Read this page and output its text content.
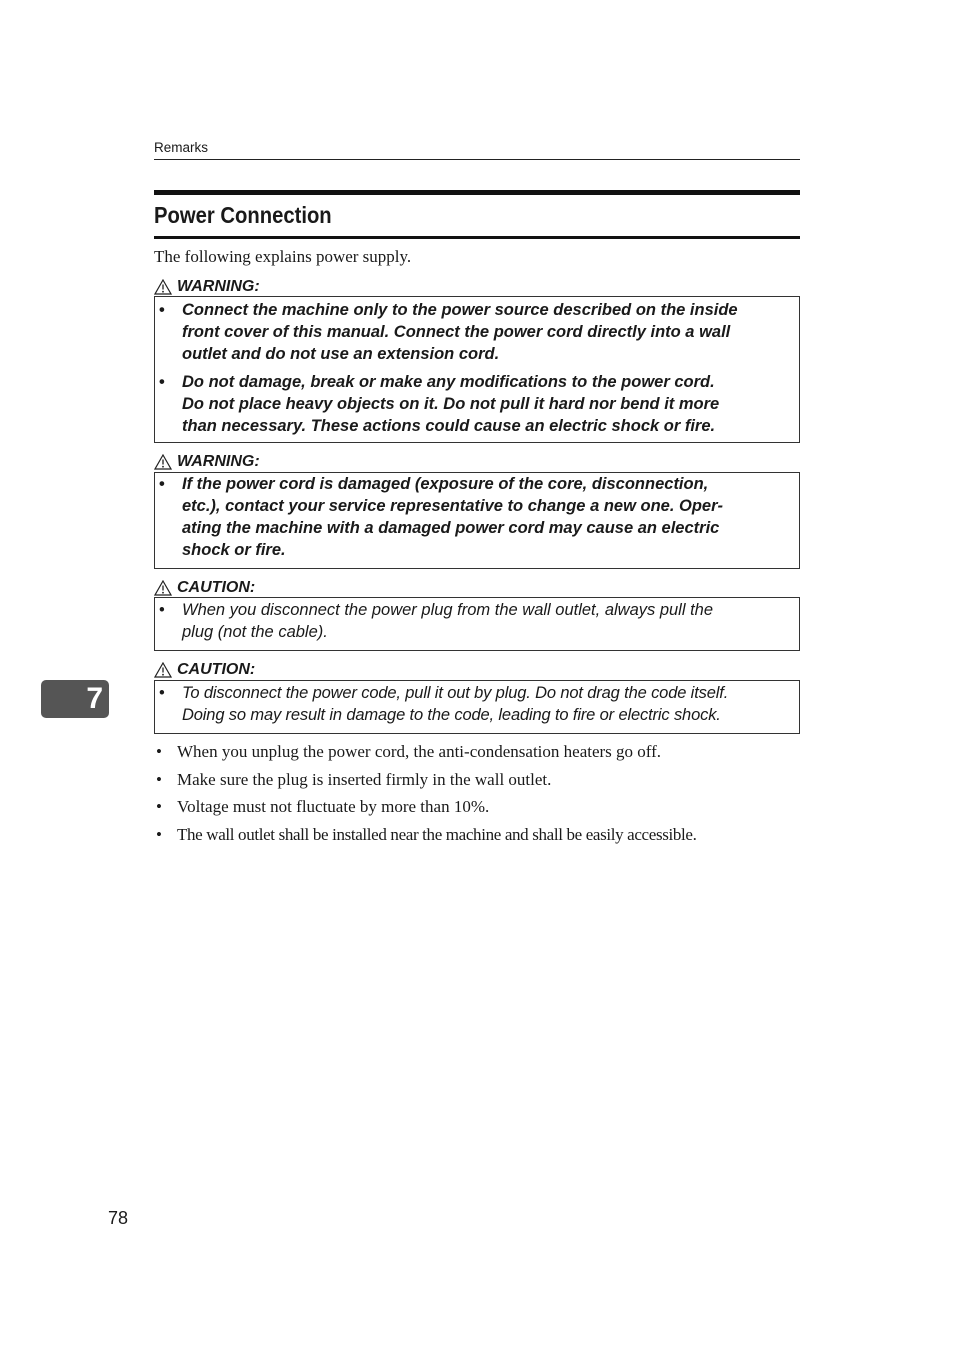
Remarks
Power Connection
The following explains power supply.
WARNING:
• Connect the machine only to the power source described on the inside
front cover of this manual. Connect the power cord directly into a wall
outlet and do not use an extension cord.
• Do not damage, break or make any modifications to the power cord.
Do not place heavy objects on it. Do not pull it hard nor bend it more
than necessary. These actions could cause an electric shock or fire.
WARNING:
• If the power cord is damaged (exposure of the core, disconnection,
etc.), contact your service representative to change a new one. Oper-
ating the machine with a damaged power cord may cause an electric
shock or fire.
CAUTION:
• When you disconnect the power plug from the wall outlet, always pull the
plug (not the cable).
CAUTION:
• To disconnect the power code, pull it out by plug. Do not drag the code itself.
Doing so may result in damage to the code, leading to fire or electric shock.
7
• When you unplug the power cord, the anti-condensation heaters go off.
• Make sure the plug is inserted firmly in the wall outlet.
• Voltage must not fluctuate by more than 10%.
• The wall outlet shall be installed near the machine and shall be easily accessible.
78
